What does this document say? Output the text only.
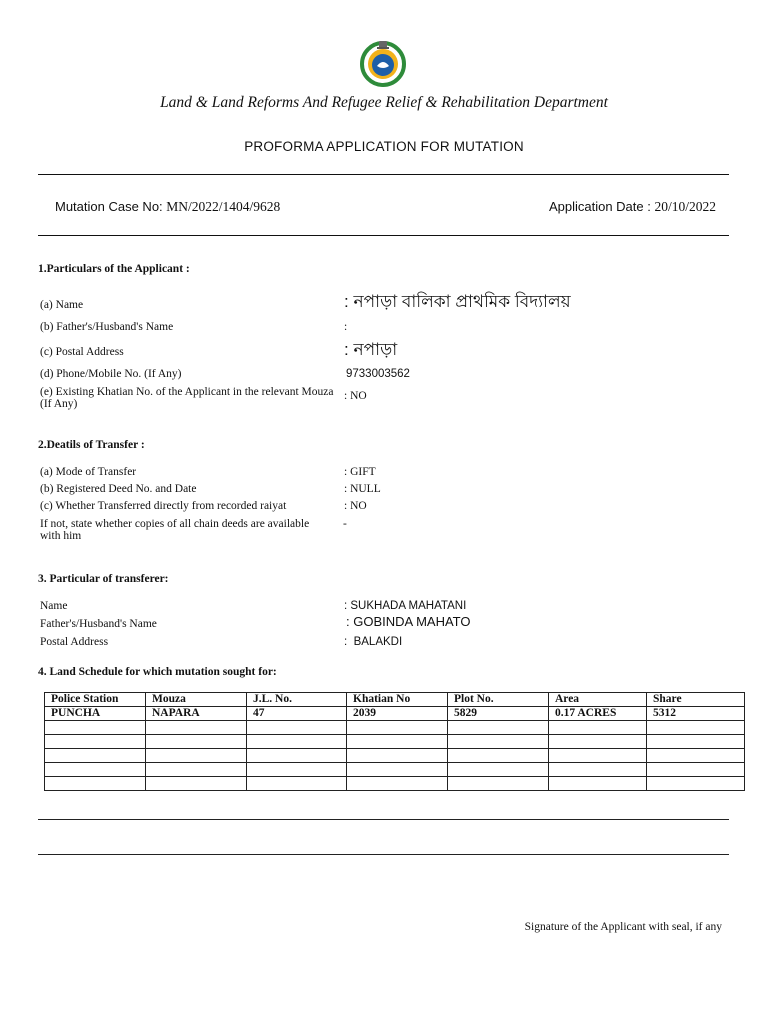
Land & Land Reforms And Refugee Relief & Rehabilitation Department
PROFORMA APPLICATION FOR MUTATION
Mutation Case No: MN/2022/1404/9628	Application Date : 20/10/2022
1.Particulars of the Applicant :
(a) Name	: নপাড়া বালিকা প্রাথমিক বিদ্যালয়
(b) Father's/Husband's Name	:
(c) Postal Address	: নপাড়া
(d) Phone/Mobile No. (If Any)	9733003562
(e) Existing Khatian No. of the Applicant in the relevant Mouza (If Any)
: NO
2.Deatils of Transfer :
(a) Mode of Transfer	: GIFT
(b) Registered Deed No. and Date	: NULL
(c) Whether Transferred directly from recorded raiyat	: NO
If not, state whether copies of all chain deeds are available with him
-
3. Particular of transferer:
Name	: SUKHADA MAHATANI
Father's/Husband's Name	: GOBINDA MAHATO
Postal Address	:  BALAKDI
4. Land Schedule for which mutation sought for:
Police Station	Mouza	J.L. No.	Khatian No	Plot No.	Area	Share
PUNCHA	NAPARA	47	2039	5829	0.17 ACRES	5312

Signature of the Applicant with seal, if any
